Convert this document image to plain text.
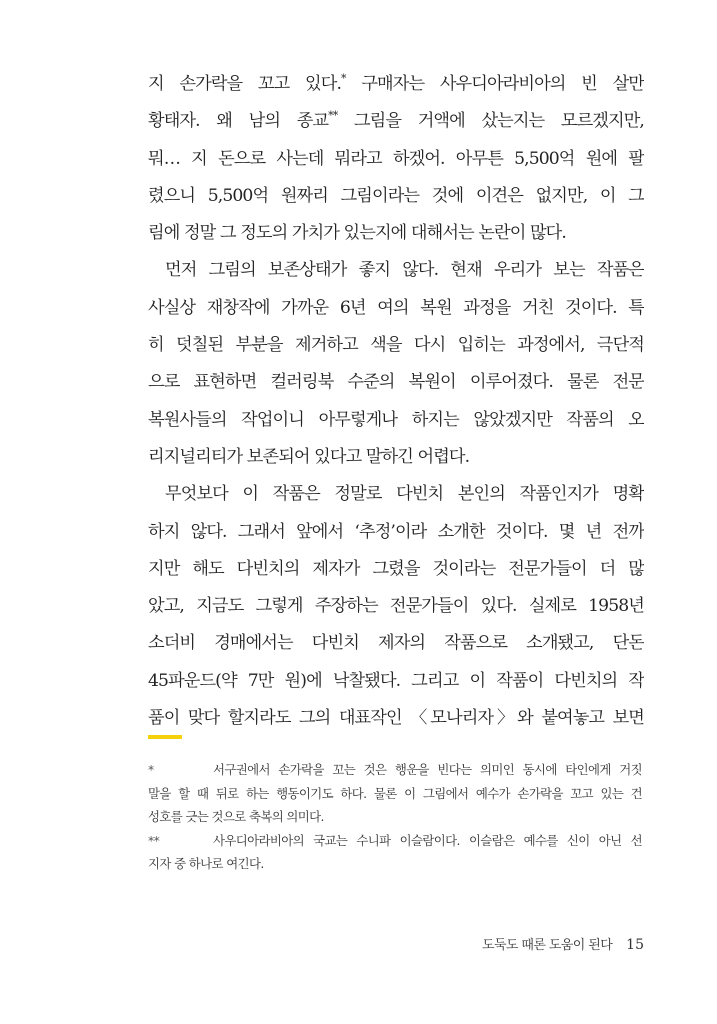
지 손가락을 꼬고 있다.* 구매자는 사우디아라비아의 빈 살만
황태자. 왜 남의 종교** 그림을 거액에 샀는지는 모르겠지만,
뭐… 지 돈으로 사는데 뭐라고 하겠어. 아무튼 5,500억 원에 팔
렸으니 5,500억 원짜리 그림이라는 것에 이견은 없지만, 이 그
림에 정말 그 정도의 가치가 있는지에 대해서는 논란이 많다.
먼저 그림의 보존상태가 좋지 않다. 현재 우리가 보는 작품은
사실상 재창작에 가까운 6년 여의 복원 과정을 거친 것이다. 특
히 덧칠된 부분을 제거하고 색을 다시 입히는 과정에서, 극단적
으로 표현하면 컬러링북 수준의 복원이 이루어졌다. 물론 전문
복원사들의 작업이니 아무렇게나 하지는 않았겠지만 작품의 오
리지널리티가 보존되어 있다고 말하긴 어렵다.
무엇보다 이 작품은 정말로 다빈치 본인의 작품인지가 명확
하지 않다. 그래서 앞에서 ‘추정’이라 소개한 것이다. 몇 년 전까
지만 해도 다빈치의 제자가 그렸을 것이라는 전문가들이 더 많
았고, 지금도 그렇게 주장하는 전문가들이 있다. 실제로 1958년
소더비 경매에서는 다빈치 제자의 작품으로 소개됐고, 단돈
45파운드(약 7만 원)에 낙찰됐다. 그리고 이 작품이 다빈치의 작
품이 맞다 할지라도 그의 대표작인 〈모나리자〉와 붙여놓고 보면
*	서구권에서 손가락을 꼬는 것은 행운을 빈다는 의미인 동시에 타인에게 거짓
말을 할 때 뒤로 하는 행동이기도 하다. 물론 이 그림에서 예수가 손가락을 꼬고 있는 건
성호를 긋는 것으로 축복의 의미다.
**	사우디아라비아의 국교는 수니파 이슬람이다. 이슬람은 예수를 신이 아닌 선
지자 중 하나로 여긴다.
도둑도 때론 도움이 된다 15
